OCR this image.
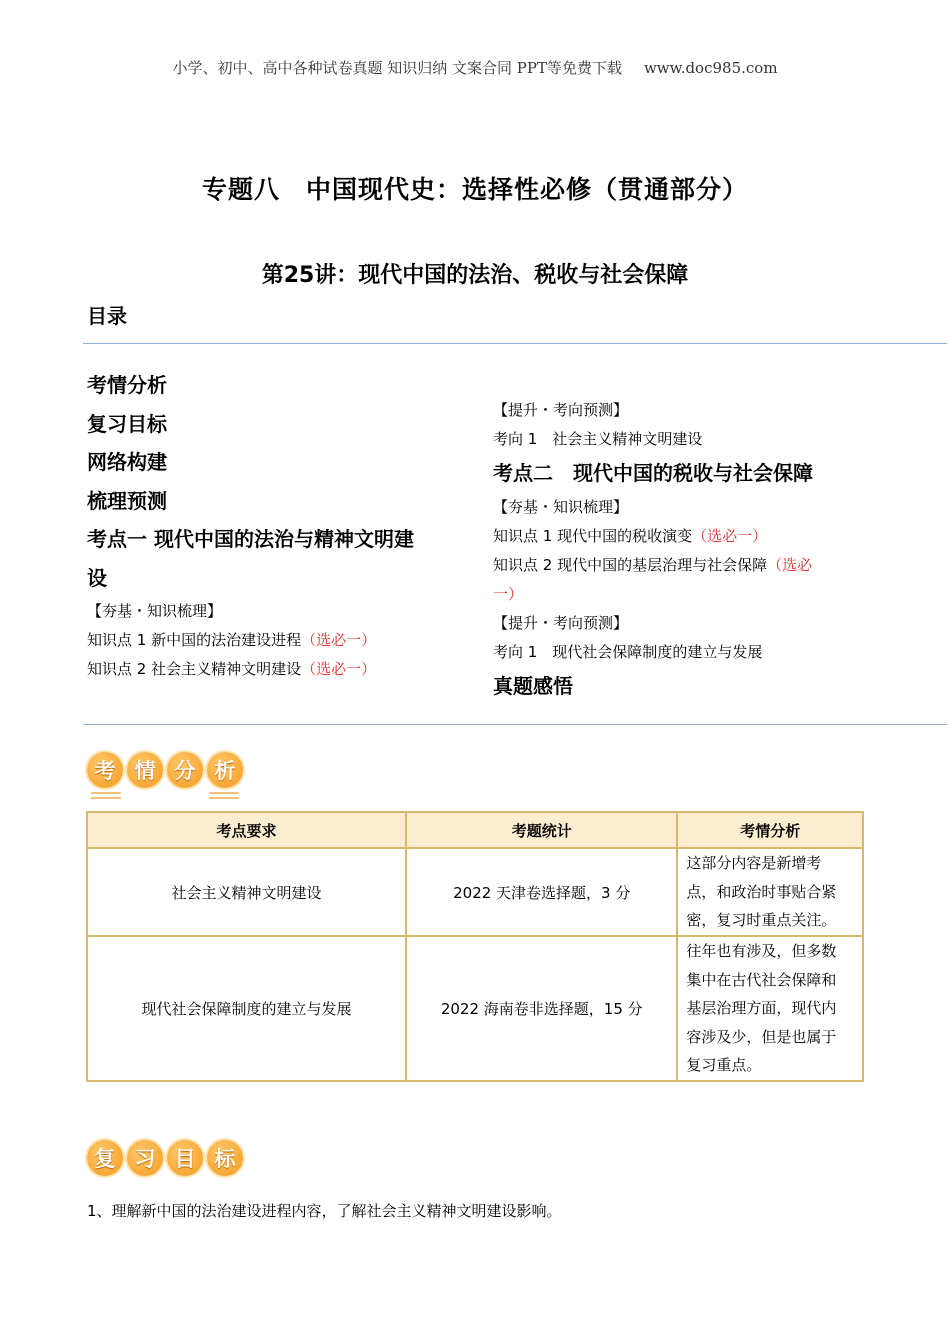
小学、初中、高中各种试卷真题 知识归纳 文案合同 PPT等免费下载 www.doc985.com
专题八　中国现代史：选择性必修（贯通部分）
第25讲：现代中国的法治、税收与社会保障
目录
考情分析
复习目标
网络构建
梳理预测
考点一 现代中国的法治与精神文明建
设
【夯基・知识梳理】
知识点 1 新中国的法治建设进程（选必一）
知识点 2 社会主义精神文明建设（选必一）
【提升・考向预测】
考向 1　社会主义精神文明建设
考点二　现代中国的税收与社会保障
【夯基・知识梳理】
知识点 1 现代中国的税收演变（选必一）
知识点 2 现代中国的基层治理与社会保障（选必
一）
【提升・考向预测】
考向 1　现代社会保障制度的建立与发展
真题感悟
考 情 分 析
考点要求	考题统计	考情分析
社会主义精神文明建设	2022 天津卷选择题，3 分	这部分内容是新增考
点，和政治时事贴合紧
密，复习时重点关注。

现代社会保障制度的建立与发展	2022 海南卷非选择题，15 分	往年也有涉及，但多数
集中在古代社会保障和
基层治理方面，现代内
容涉及少，但是也属于
复习重点。
复 习 目 标
1、理解新中国的法治建设进程内容，了解社会主义精神文明建设影响。
